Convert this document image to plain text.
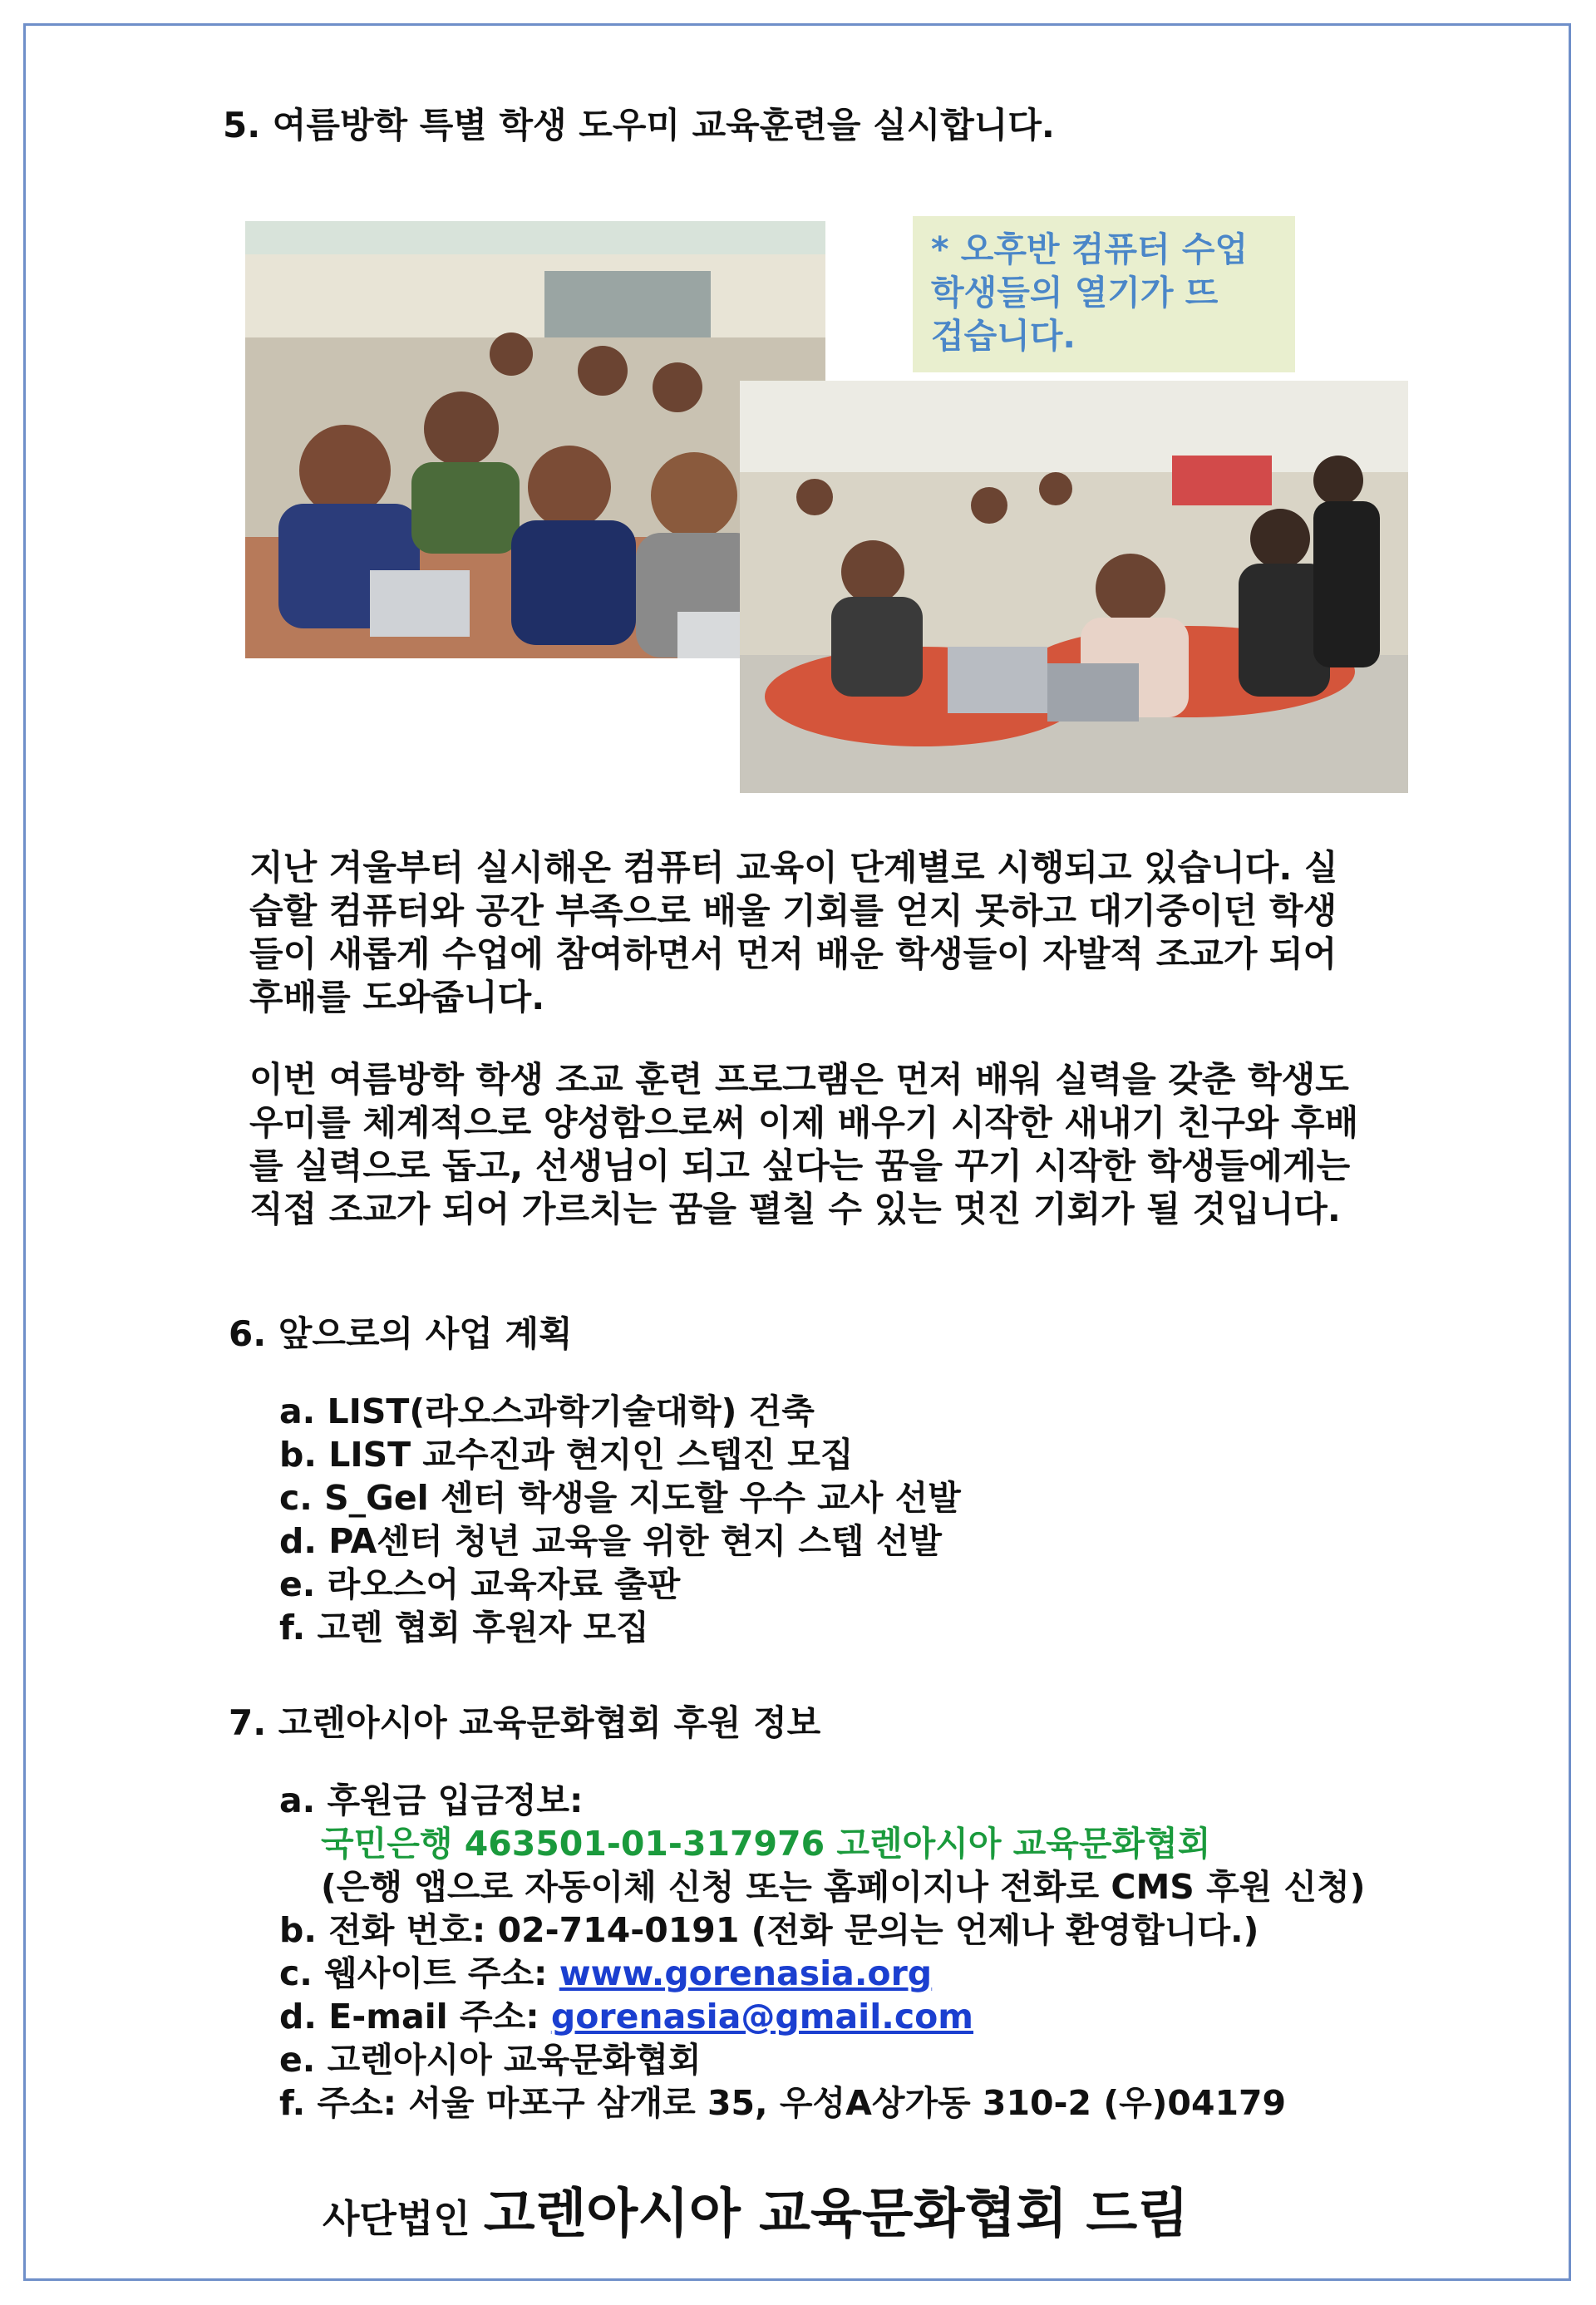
5. 여름방학 특별 학생 도우미 교육훈련을 실시합니다.
* 오후반 컴퓨터 수업
학생들의 열기가 뜨
겁습니다.
지난 겨울부터 실시해온 컴퓨터 교육이 단계별로 시행되고 있습니다. 실
습할 컴퓨터와 공간 부족으로 배울 기회를 얻지 못하고 대기중이던 학생
들이 새롭게 수업에 참여하면서 먼저 배운 학생들이 자발적 조교가 되어
후배를 도와줍니다.
이번 여름방학 학생 조교 훈련 프로그램은 먼저 배워 실력을 갖춘 학생도
우미를 체계적으로 양성함으로써 이제 배우기 시작한 새내기 친구와 후배
를 실력으로 돕고, 선생님이 되고 싶다는 꿈을 꾸기 시작한 학생들에게는
직접 조교가 되어 가르치는 꿈을 펼칠 수 있는 멋진 기회가 될 것입니다.
6. 앞으로의 사업 계획
a. LIST(라오스과학기술대학) 건축
b. LIST 교수진과 현지인 스텝진 모집
c. S_Gel 센터 학생을 지도할 우수 교사 선발
d. PA센터 청년 교육을 위한 현지 스텝 선발
e. 라오스어 교육자료 출판
f. 고렌 협회 후원자 모집
7. 고렌아시아 교육문화협회 후원 정보
a. 후원금 입금정보:
국민은행 463501-01-317976 고렌아시아 교육문화협회
(은행 앱으로 자동이체 신청 또는 홈페이지나 전화로 CMS 후원 신청)
b. 전화 번호: 02-714-0191 (전화 문의는 언제나 환영합니다.)
c. 웹사이트 주소: www.gorenasia.org
d. E-mail 주소: gorenasia@gmail.com
e. 고렌아시아 교육문화협회
f. 주소: 서울 마포구 삼개로 35, 우성A상가동 310-2 (우)04179
사단법인 고렌아시아 교육문화협회 드림
